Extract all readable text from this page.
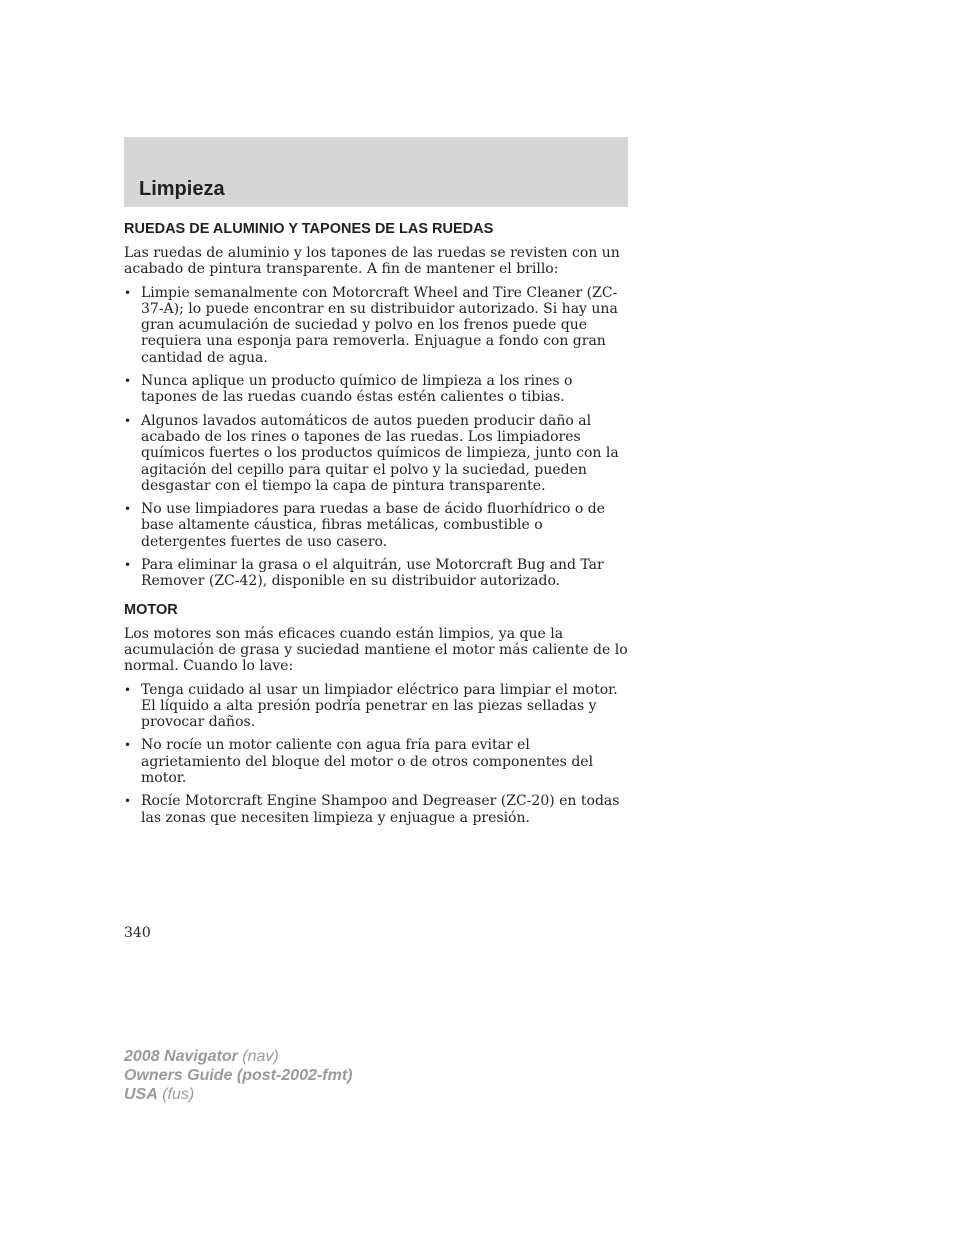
Limpieza
RUEDAS DE ALUMINIO Y TAPONES DE LAS RUEDAS

Las ruedas de aluminio y los tapones de las ruedas se revisten con un acabado de pintura transparente. A fin de mantener el brillo:

• Limpie semanalmente con Motorcraft Wheel and Tire Cleaner (ZC-37-A); lo puede encontrar en su distribuidor autorizado. Si hay una gran acumulación de suciedad y polvo en los frenos puede que requiera una esponja para removerla. Enjuague a fondo con gran cantidad de agua.
• Nunca aplique un producto químico de limpieza a los rines o tapones de las ruedas cuando éstas estén calientes o tibias.
• Algunos lavados automáticos de autos pueden producir daño al acabado de los rines o tapones de las ruedas. Los limpiadores químicos fuertes o los productos químicos de limpieza, junto con la agitación del cepillo para quitar el polvo y la suciedad, pueden desgastar con el tiempo la capa de pintura transparente.
• No use limpiadores para ruedas a base de ácido fluorhídrico o de base altamente cáustica, fibras metálicas, combustible o detergentes fuertes de uso casero.
• Para eliminar la grasa o el alquitrán, use Motorcraft Bug and Tar Remover (ZC-42), disponible en su distribuidor autorizado.
MOTOR

Los motores son más eficaces cuando están limpios, ya que la acumulación de grasa y suciedad mantiene el motor más caliente de lo normal. Cuando lo lave:

• Tenga cuidado al usar un limpiador eléctrico para limpiar el motor. El líquido a alta presión podría penetrar en las piezas selladas y provocar daños.
• No rocíe un motor caliente con agua fría para evitar el agrietamiento del bloque del motor o de otros componentes del motor.
• Rocíe Motorcraft Engine Shampoo and Degreaser (ZC-20) en todas las zonas que necesiten limpieza y enjuague a presión.
340
2008 Navigator (nav)
Owners Guide (post-2002-fmt)
USA (fus)
